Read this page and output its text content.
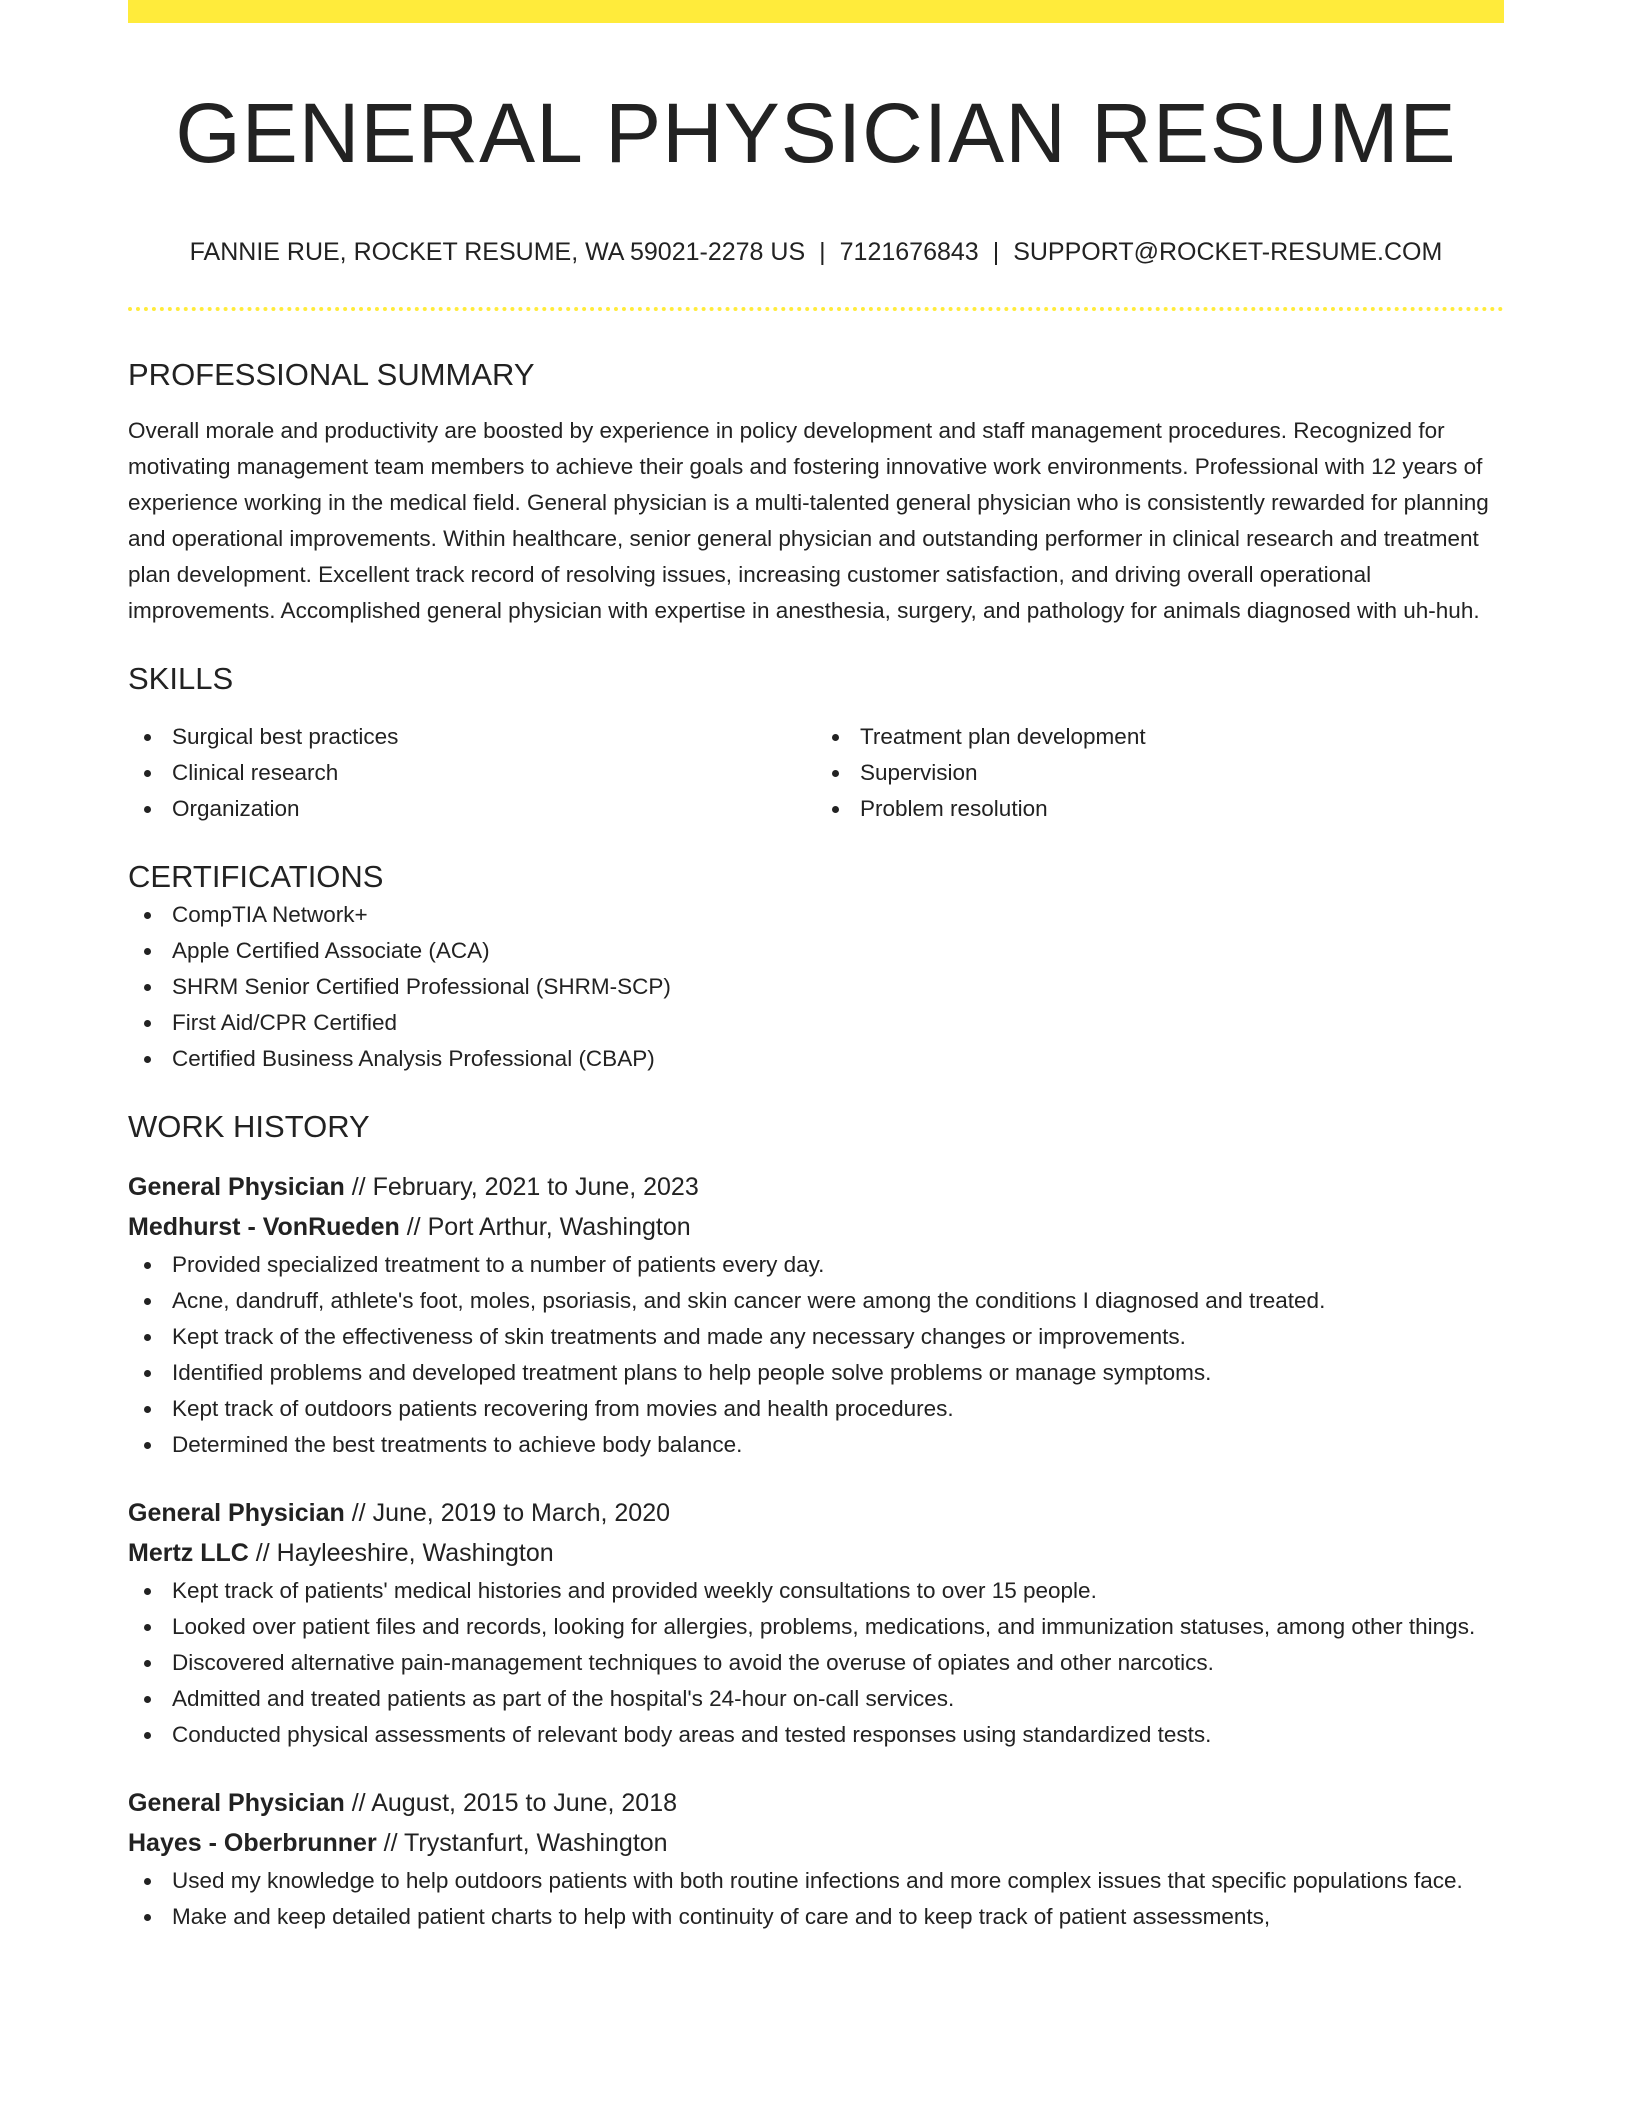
GENERAL PHYSICIAN RESUME
FANNIE RUE, ROCKET RESUME, WA 59021-2278 US | 7121676843 | SUPPORT@ROCKET-RESUME.COM
PROFESSIONAL SUMMARY
Overall morale and productivity are boosted by experience in policy development and staff management procedures. Recognized for motivating management team members to achieve their goals and fostering innovative work environments. Professional with 12 years of experience working in the medical field. General physician is a multi-talented general physician who is consistently rewarded for planning and operational improvements. Within healthcare, senior general physician and outstanding performer in clinical research and treatment plan development. Excellent track record of resolving issues, increasing customer satisfaction, and driving overall operational improvements. Accomplished general physician with expertise in anesthesia, surgery, and pathology for animals diagnosed with uh-huh.
SKILLS
Surgical best practices
Clinical research
Organization
Treatment plan development
Supervision
Problem resolution
CERTIFICATIONS
CompTIA Network+
Apple Certified Associate (ACA)
SHRM Senior Certified Professional (SHRM-SCP)
First Aid/CPR Certified
Certified Business Analysis Professional (CBAP)
WORK HISTORY
General Physician // February, 2021 to June, 2023
Medhurst - VonRueden // Port Arthur, Washington
Provided specialized treatment to a number of patients every day.
Acne, dandruff, athlete's foot, moles, psoriasis, and skin cancer were among the conditions I diagnosed and treated.
Kept track of the effectiveness of skin treatments and made any necessary changes or improvements.
Identified problems and developed treatment plans to help people solve problems or manage symptoms.
Kept track of outdoors patients recovering from movies and health procedures.
Determined the best treatments to achieve body balance.
General Physician // June, 2019 to March, 2020
Mertz LLC // Hayleeshire, Washington
Kept track of patients' medical histories and provided weekly consultations to over 15 people.
Looked over patient files and records, looking for allergies, problems, medications, and immunization statuses, among other things.
Discovered alternative pain-management techniques to avoid the overuse of opiates and other narcotics.
Admitted and treated patients as part of the hospital's 24-hour on-call services.
Conducted physical assessments of relevant body areas and tested responses using standardized tests.
General Physician // August, 2015 to June, 2018
Hayes - Oberbrunner // Trystanfurt, Washington
Used my knowledge to help outdoors patients with both routine infections and more complex issues that specific populations face.
Make and keep detailed patient charts to help with continuity of care and to keep track of patient assessments,
